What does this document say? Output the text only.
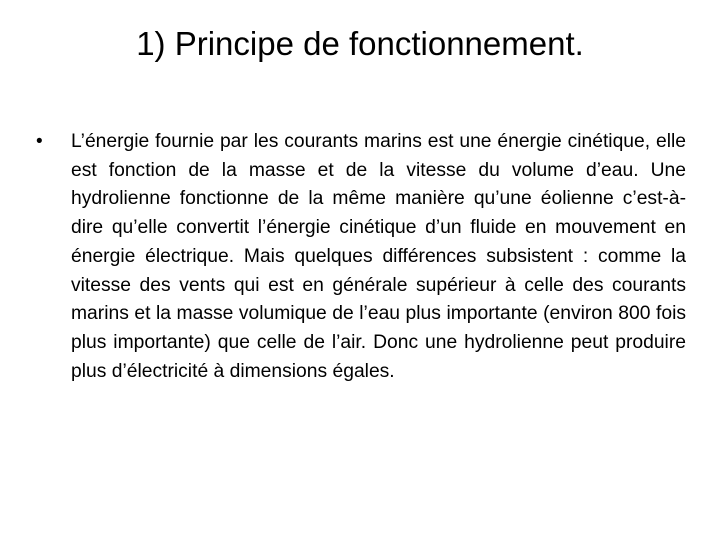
1) Principe de fonctionnement.
• L’énergie fournie par les courants marins est une énergie cinétique, elle est fonction de la masse et de la vitesse du volume d’eau. Une hydrolienne fonctionne de la même manière qu’une éolienne c’est-à-dire qu’elle convertit l’énergie cinétique d’un fluide en mouvement en énergie électrique. Mais quelques différences subsistent : comme la vitesse des vents qui est en générale supérieur à celle des courants marins et la masse volumique de l’eau plus importante (environ 800 fois plus importante) que celle de l’air. Donc une hydrolienne peut produire plus d’électricité à dimensions égales.
